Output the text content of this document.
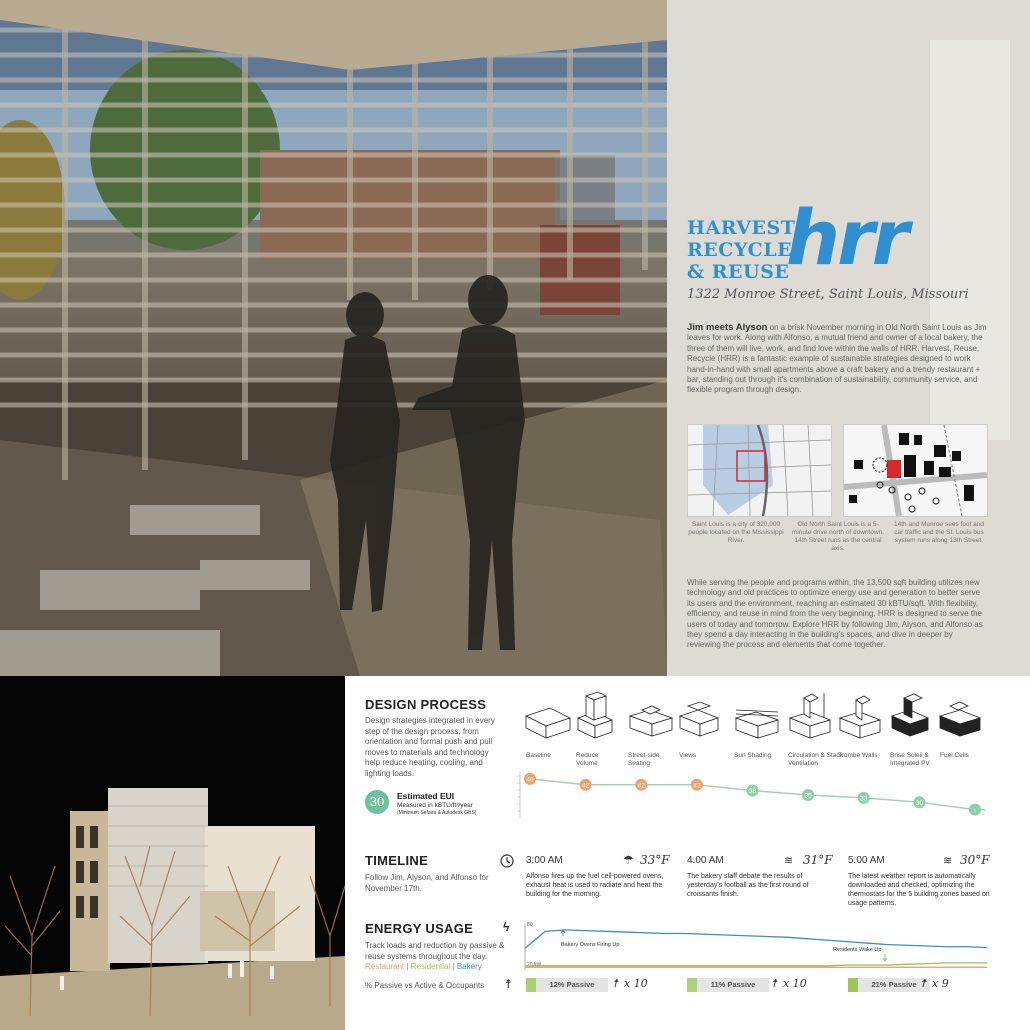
HARVEST
RECYCLE
& REUSE
hrr
1322 Monroe Street, Saint Louis, Missouri
Jim meets Alyson on a brisk November morning in Old North Saint Louis as Jim leaves for work. Along with Alfonso, a mutual friend and owner of a local bakery, the three of them will live, work, and find love within the walls of HRR. Harvest, Reuse, Recycle (HRR) is a fantastic example of sustainable strategies designed to work hand-in-hand with small apartments above a craft bakery and a trendy restaurant + bar, standing out through it's combination of sustainability, community service, and flexible program through design.
Saint Louis is a city of 320,000 people located on the Mississippi River.
Old North Saint Louis is a 5-minute drive north of downtown. 14th Street runs as the central axis.
14th and Monroe sees foot and car traffic and the St. Louis bus system runs along 13th Street.
While serving the people and programs within, the 13,500 sqft building utilizes new technology and old practices to optimize energy use and generation to better serve its users and the environment, reaching an estimated 30 kBTU/sqft. With flexibility, efficiency, and reuse in mind from the very beginning, HRR is designed to serve the users of today and tomorrow. Explore HRR by following Jim, Alyson, and Alfonso as they spend a day interacting in the building's spaces, and dive in deeper by reviewing the process and elements that come together.
DESIGN PROCESS
Design strategies integrated in every step of the design process, from orientation and formal push and pull moves to materials and technology help reduce heating, cooling, and lighting loads.
30	Estimated EUI
Measured in kBTU/ft²/year
(Minimum Sefaira & Autodesk GBS)
Baseline	Reduce Volume
Street-side Seating
Views	Sun Shading	Circulation & Stack Ventilation
Trombe Walls Brise Soleil & Integrated PV
Fuel Cells
46
42	42	42
38
35	33
30
↓
TIMELINE
Follow Jim, Alyson, and Alfonso for November 17th.
3:00 AM	☂ 33°F
Alfonso fires up the fuel cell-powered ovens, exhaust heat is used to radiate and heat the building for the morning.
4:00 AM	≋ 31°F
The bakery staff debate the results of yesterday's football as the first round of croissants finish.
5:00 AM	≋ 30°F
The latest weather report is automatically downloaded and checked, optimizing the thermostats for the 5 building zones based on usage patterns.
ENERGY USAGE
Track loads and reduction by passive & reuse systems throughout the day.
Restaurant | Residential | Bakery
ϟ	80
20 kW
Bakery Ovens Firing Up
Residents Wake Up
% Passive vs Active & Occupants ☨	12% Passive	☨ x 10	11% Passive	☨ x 10	21% Passive ☨ x 9
